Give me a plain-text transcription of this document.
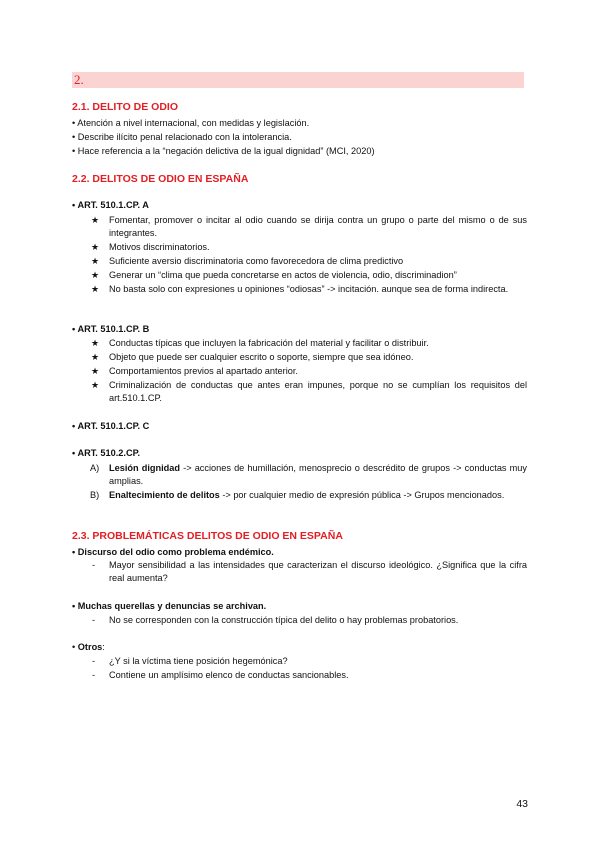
2.
2.1. DELITO DE ODIO
• Atención a nivel internacional, con medidas y legislación.
• Describe ilícito penal relacionado con la intolerancia.
• Hace referencia a la “negación delictiva de la igual dignidad” (MCI, 2020)
2.2. DELITOS DE ODIO EN ESPAÑA
• ART. 510.1.CP. A
★ Fomentar, promover o incitar al odio cuando se dirija contra un grupo o parte del mismo o de sus integrantes.
★ Motivos discriminatorios.
★ Suficiente aversio discriminatoria como favorecedora de clima predictivo
★ Generar un “clima que pueda concretarse en actos de violencia, odio, discriminadion”
★ No basta solo con expresiones u opiniones “odiosas” -> incitación. aunque sea de forma indirecta.
• ART. 510.1.CP. B
★ Conductas típicas que incluyen la fabricación del material y facilitar o distribuir.
★ Objeto que puede ser cualquier escrito o soporte, siempre que sea idóneo.
★ Comportamientos previos al apartado anterior.
★ Criminalización de conductas que antes eran impunes, porque no se cumplían los requisitos del art.510.1.CP.
• ART. 510.1.CP. C
• ART. 510.2.CP.
A) Lesión dignidad -> acciones de humillación, menosprecio o descrédito de grupos -> conductas muy amplias.
B) Enaltecimiento de delitos -> por cualquier medio de expresión pública -> Grupos mencionados.
2.3. PROBLEMÁTICAS DELITOS DE ODIO EN ESPAÑA
• Discurso del odio como problema endémico.
- Mayor sensibilidad a las intensidades que caracterizan el discurso ideológico. ¿Significa que la cifra real aumenta?
• Muchas querellas y denuncias se archivan.
- No se corresponden con la construcción típica del delito o hay problemas probatorios.
• Otros:
- ¿Y si la víctima tiene posición hegemónica?
- Contiene un amplísimo elenco de conductas sancionables.
43
